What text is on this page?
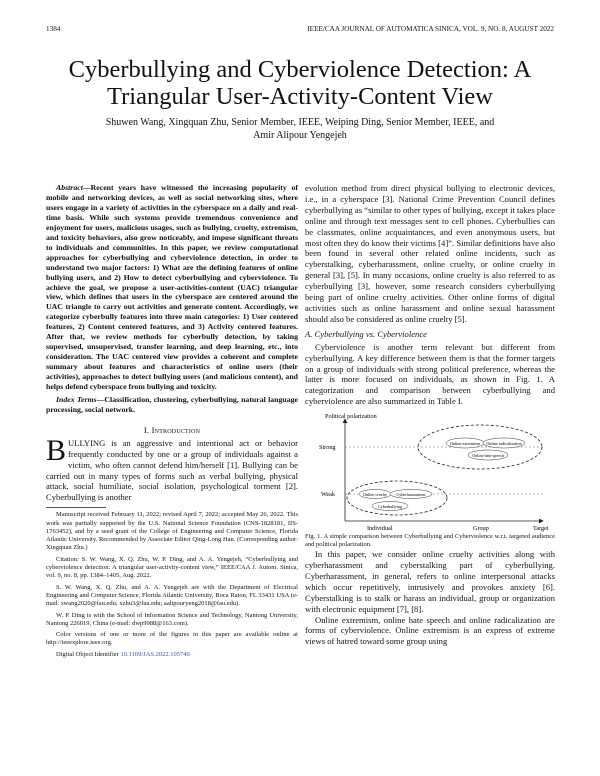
1384	IEEE/CAA JOURNAL OF AUTOMATICA SINICA, VOL. 9, NO. 8, AUGUST 2022
Cyberbullying and Cyberviolence Detection: A Triangular User-Activity-Content View
Shuwen Wang, Xingquan Zhu, Senior Member, IEEE, Weiping Ding, Senior Member, IEEE, and
Amir Alipour Yengejeh

Abstract—Recent years have witnessed the increasing popularity of mobile and networking devices, as well as social networking sites, where users engage in a variety of activities in the cyberspace on a daily and real-time basis. While such systems provide tremendous convenience and enjoyment for users, malicious usages, such as bullying, cruelty, extremism, and toxicity behaviors, also grow noticeably, and impose significant threats to individuals and communities. In this paper, we review computational approaches for cyberbullying and cyberviolence detection, in order to understand two major factors: 1) What are the defining features of online bullying users, and 2) How to detect cyberbullying and cyberviolence. To achieve the goal, we propose a user-activities-content (UAC) triangular view, which defines that users in the cyberspace are centered around the UAC triangle to carry out activities and generate content. Accordingly, we categorize cyberbully features into three main categories: 1) User centered features, 2) Content centered features, and 3) Activity centered features. After that, we review methods for cyberbully detection, by taking supervised, unsupervised, transfer learning, and deep learning, etc., into consideration. The UAC centered view provides a coherent and complete summary about features and characteristics of online users (their activities), approaches to detect bullying users (and malicious content), and helps defend cyberspace from bullying and toxicity.

Index Terms—Classification, clustering, cyberbullying, natural language processing, social network.

I. Introduction

BULLYING is an aggressive and intentional act or behavior frequently conducted by one or a group of individuals against a victim, who often cannot defend him/herself [1]. Bullying can be carried out in many types of forms such as verbal bullying, physical attack, social humiliate, social isolation, psychological torment [2]. Cyberbullying is another

Manuscript received February 11, 2022; revised April 7, 2022; accepted May 26, 2022. This work was partially supported by the U.S. National Science Foundation (CNS-1828181, IIS-1763452), and by a seed grant of the College of Engineering and Computer Science, Florida Atlantic University. Recommended by Associate Editor Qing-Long Han. (Corresponding author: Xingquan Zhu.)

Citation: S. W. Wang, X. Q. Zhu, W. P. Ding, and A. A. Yengejeh, “Cyberbullying and cyberviolence detection: A triangular user-activity-content view,” IEEE/CAA J. Autom. Sinica, vol. 9, no. 8, pp. 1384–1405, Aug. 2022.

S. W. Wang, X. Q. Zhu, and A. A. Yengejeh are with the Department of Electrical Engineering and Computer Science, Florida Atlantic University, Boca Raton, FL 33431 USA (e-mail: swang2020@fau.edu; xzhu3@fau.edu; aalipouryeng2018@fau.edu).

W. P. Ding is with the School of Information Science and Technology, Nantong University, Nantong 226019, China (e-mail: dwp9988@163.com).

Color versions of one or more of the figures in this paper are available online at http://ieeexplore.ieee.org.

Digital Object Identifier 10.1109/JAS.2022.105740

evolution method from direct physical bullying to electronic devices, i.e., in a cyberspace [3]. National Crime Prevention Council defines cyberbullying as “similar to other types of bullying, except it takes place online and through text messages sent to cell phones. Cyberbullies can be classmates, online acquaintances, and even anonymous users, but most often they do know their victims [4]”. Similar definitions have also been found in several other related online incidents, such as cyberstalking, cyberharassment, online cruelty, or online cruelty in general [3], [5]. In many occasions, online cruelty is also referred to as cyberbullying [3], however, some research considers cyberbullying being part of online cruelty activities. Other online forms of digital activities such as online harassment and online sexual harassment should also be considered as online cruelty [5].

A. Cyberbullying vs. Cyberviolence

Cyberviolence is another term relevant but different from cyberbullying. A key difference between them is that the former targets on a group of individuals with strong political preference, whereas the latter is more focused on individuals, as shown in Fig. 1. A categorization and comparison between cyberbullying and cyberviolence are also summarized in Table I.

Political polarization
Target
Strong
Weak
Individual	Group
Online extremism Online radicalization
Online hate speech
Online cruelty Cyberharassment
Cyberbullying

Fig. 1. A simple comparison between Cyberbullying and Cyberviolence w.r.t. targeted audience and political polarization.

In this paper, we consider online cruelty activities along with cyberharassment and cyberstalking part of cyberbullying. Cyberharassment, in general, refers to online interpersonal attacks which occur repetitively, intrusively and provokes anxiety [6]. Cyberstalking is to stalk or harass an individual, group or organization with electronic equipment [7], [8].

Online extremism, online hate speech and online radicalization are forms of cyberviolence. Online extremism is an express of extreme views of hatred toward some group using
